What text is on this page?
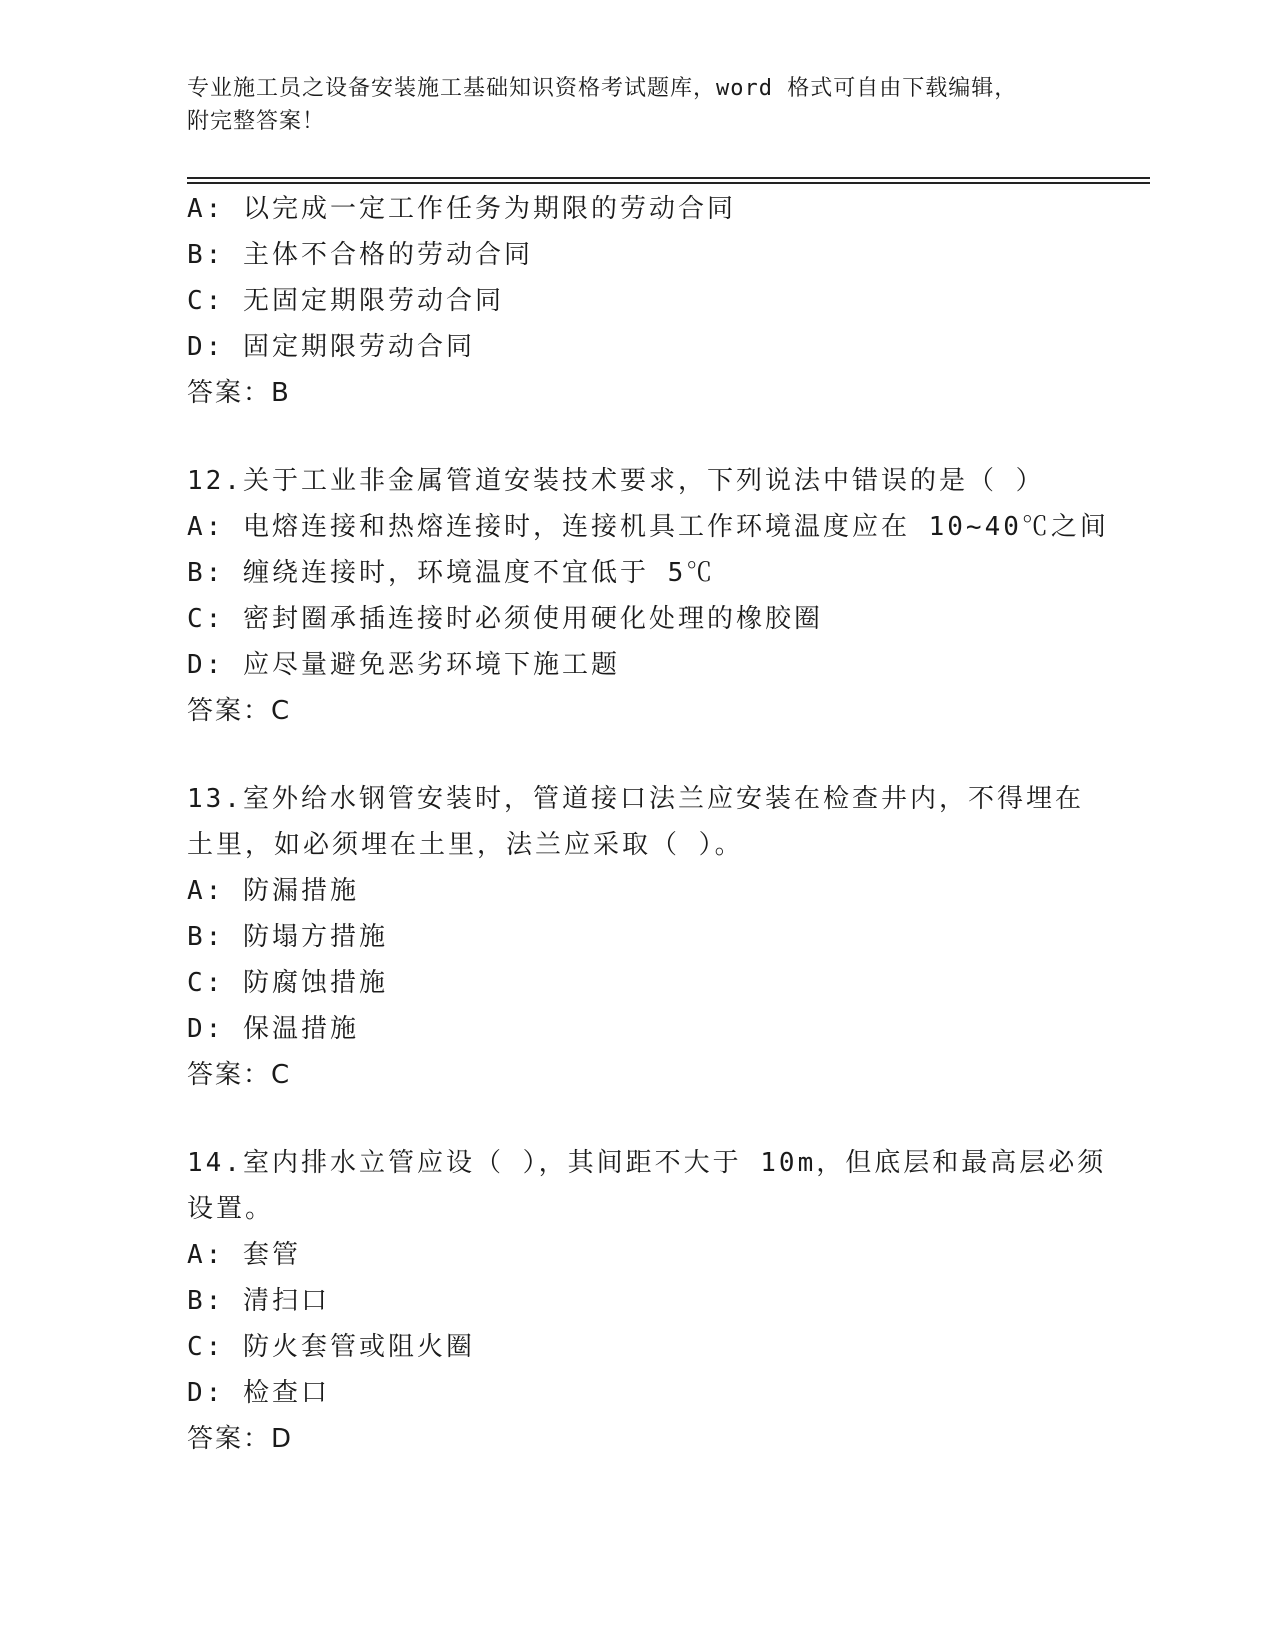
专业施工员之设备安装施工基础知识资格考试题库，word 格式可自由下载编辑，
附完整答案！
A: 以完成一定工作任务为期限的劳动合同
B: 主体不合格的劳动合同
C: 无固定期限劳动合同
D: 固定期限劳动合同
答案：B
12.关于工业非金属管道安装技术要求，下列说法中错误的是（ ）
A: 电熔连接和热熔连接时，连接机具工作环境温度应在 10~40℃之间
B: 缠绕连接时，环境温度不宜低于 5℃
C: 密封圈承插连接时必须使用硬化处理的橡胶圈
D: 应尽量避免恶劣环境下施工题
答案：C
13.室外给水钢管安装时，管道接口法兰应安装在检查井内，不得埋在
土里，如必须埋在土里，法兰应采取（ ）。
A: 防漏措施
B: 防塌方措施
C: 防腐蚀措施
D: 保温措施
答案：C
14.室内排水立管应设（ ），其间距不大于 10m，但底层和最高层必须
设置。
A: 套管
B: 清扫口
C: 防火套管或阻火圈
D: 检查口
答案：D
